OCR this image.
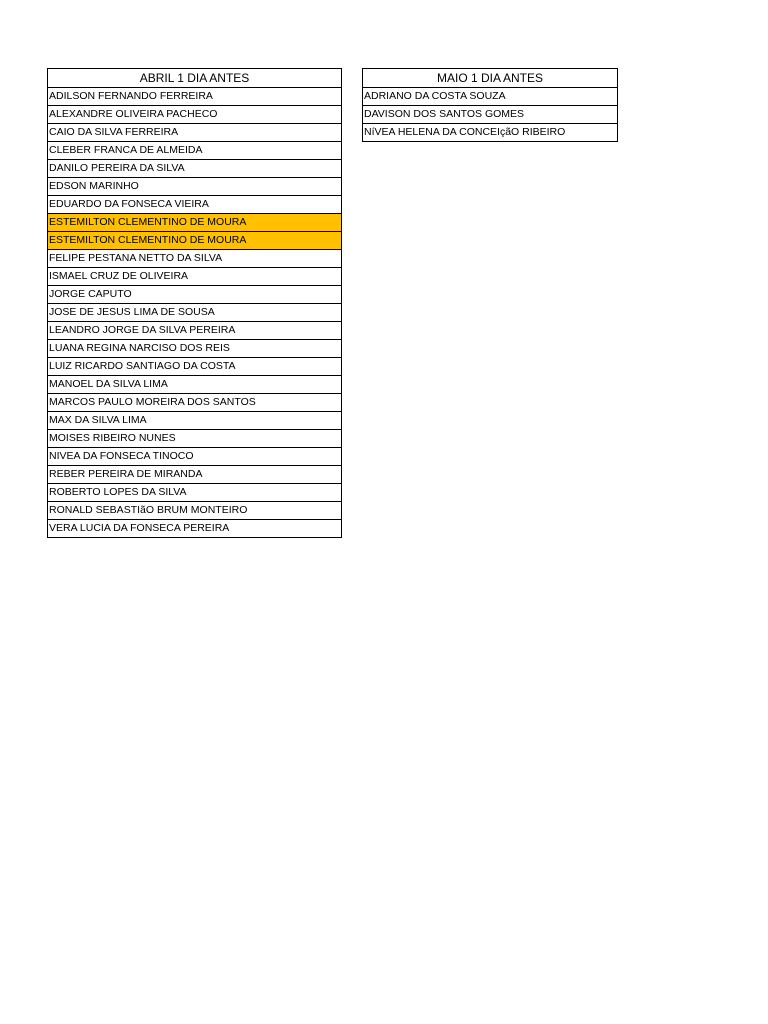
ABRIL 1 DIA ANTES
ADILSON FERNANDO FERREIRA
ALEXANDRE OLIVEIRA PACHECO
CAIO DA SILVA FERREIRA
CLEBER FRANCA DE ALMEIDA
DANILO PEREIRA DA SILVA
EDSON MARINHO
EDUARDO DA FONSECA VIEIRA
ESTEMILTON CLEMENTINO DE MOURA
ESTEMILTON CLEMENTINO DE MOURA
FELIPE PESTANA NETTO DA SILVA
ISMAEL CRUZ DE OLIVEIRA
JORGE CAPUTO
JOSE DE JESUS LIMA DE SOUSA
LEANDRO JORGE DA SILVA PEREIRA
LUANA REGINA NARCISO DOS REIS
LUIZ RICARDO SANTIAGO DA COSTA
MANOEL DA SILVA LIMA
MARCOS PAULO MOREIRA DOS SANTOS
MAX DA SILVA LIMA
MOISES RIBEIRO NUNES
NIVEA DA FONSECA TINOCO
REBER PEREIRA DE MIRANDA
ROBERTO LOPES DA SILVA
RONALD SEBASTIãO BRUM MONTEIRO
VERA LUCIA DA FONSECA PEREIRA
MAIO 1 DIA ANTES
ADRIANO DA COSTA SOUZA
DAVISON DOS SANTOS GOMES
NíVEA HELENA DA CONCEIçãO RIBEIRO
